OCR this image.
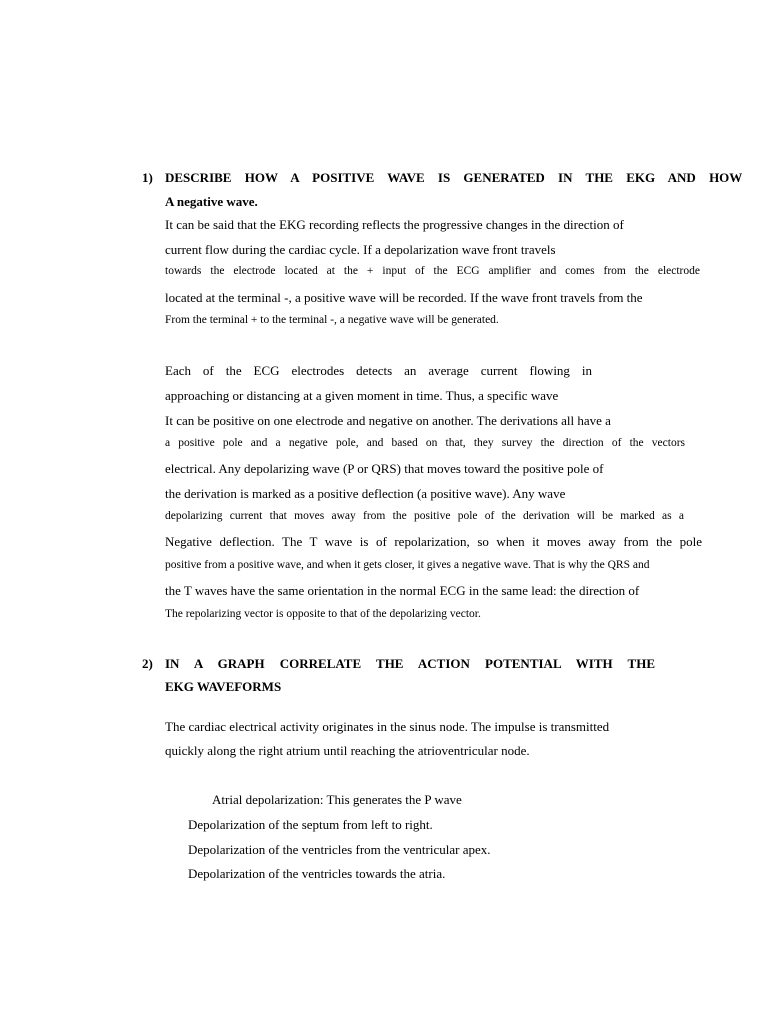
1) DESCRIBE HOW A POSITIVE WAVE IS GENERATED IN THE EKG AND HOW
A negative wave.
It can be said that the EKG recording reflects the progressive changes in the direction of
current flow during the cardiac cycle. If a depolarization wave front travels
towards the electrode located at the + input of the ECG amplifier and comes from the electrode
located at the terminal -, a positive wave will be recorded. If the wave front travels from the
From the terminal + to the terminal -, a negative wave will be generated.
Each of the ECG electrodes detects an average current flowing in
approaching or distancing at a given moment in time. Thus, a specific wave
It can be positive on one electrode and negative on another. The derivations all have a
a positive pole and a negative pole, and based on that, they survey the direction of the vectors
electrical. Any depolarizing wave (P or QRS) that moves toward the positive pole of
the derivation is marked as a positive deflection (a positive wave). Any wave
depolarizing current that moves away from the positive pole of the derivation will be marked as a
Negative deflection. The T wave is of repolarization, so when it moves away from the pole
positive from a positive wave, and when it gets closer, it gives a negative wave. That is why the QRS and
the T waves have the same orientation in the normal ECG in the same lead: the direction of
The repolarizing vector is opposite to that of the depolarizing vector.
2) IN A GRAPH CORRELATE THE ACTION POTENTIAL WITH THE
EKG WAVEFORMS
The cardiac electrical activity originates in the sinus node. The impulse is transmitted
quickly along the right atrium until reaching the atrioventricular node.
Atrial depolarization: This generates the P wave
Depolarization of the septum from left to right.
Depolarization of the ventricles from the ventricular apex.
Depolarization of the ventricles towards the atria.
